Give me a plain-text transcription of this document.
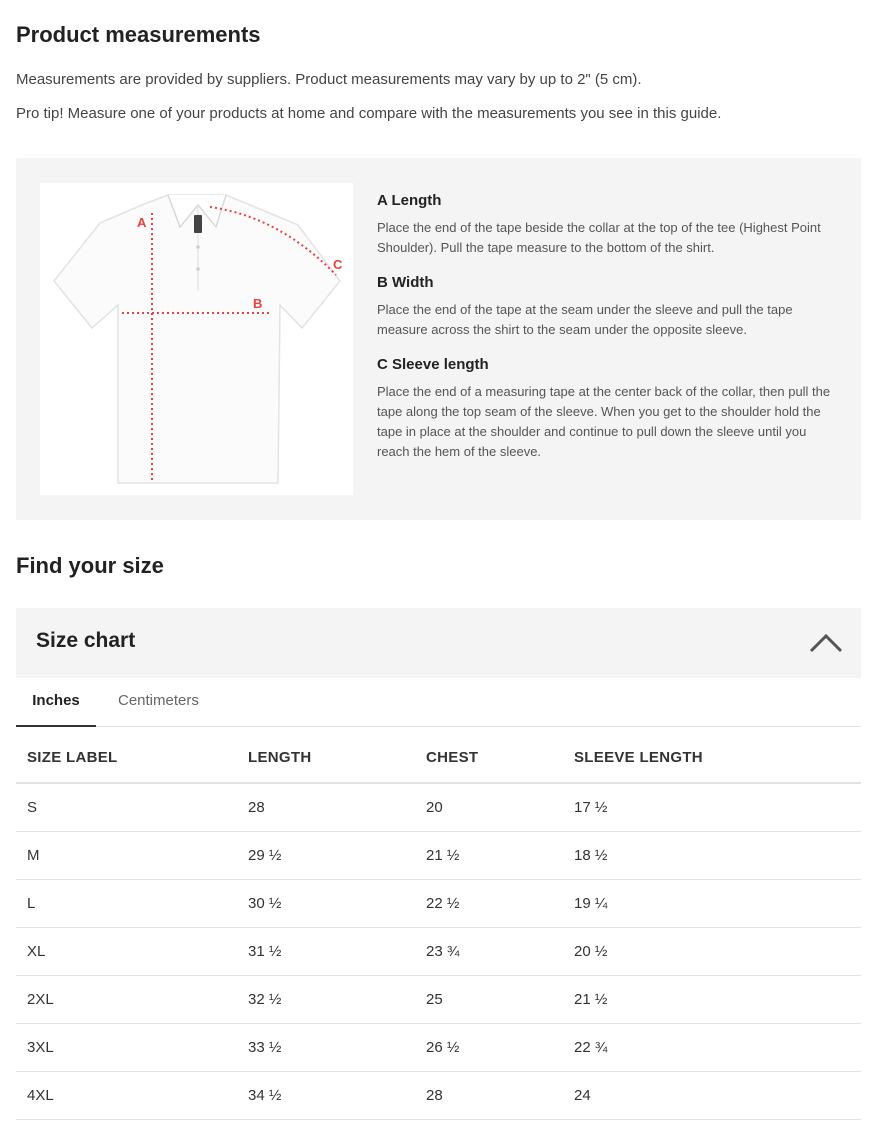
Product measurements

Measurements are provided by suppliers. Product measurements may vary by up to 2" (5 cm).

Pro tip! Measure one of your products at home and compare with the measurements you see in this guide.

A
B
C

A Length

Place the end of the tape beside the collar at the top of the tee (Highest Point Shoulder). Pull the tape measure to the bottom of the shirt.

B Width

Place the end of the tape at the seam under the sleeve and pull the tape measure across the shirt to the seam under the opposite sleeve.

C Sleeve length

Place the end of a measuring tape at the center back of the collar, then pull the tape along the top seam of the sleeve. When you get to the shoulder hold the tape in place at the shoulder and continue to pull down the sleeve until you reach the hem of the sleeve.

Find your size

Size chart

Inches	Centimeters
SIZE LABEL	LENGTH	CHEST	SLEEVE LENGTH
S	28	20	17 ½
M	29 ½	21 ½	18 ½
L	30 ½	22 ½	19 ¼
XL	31 ½	23 ¾	20 ½
2XL	32 ½	25	21 ½
3XL	33 ½	26 ½	22 ¾
4XL	34 ½	28	24
